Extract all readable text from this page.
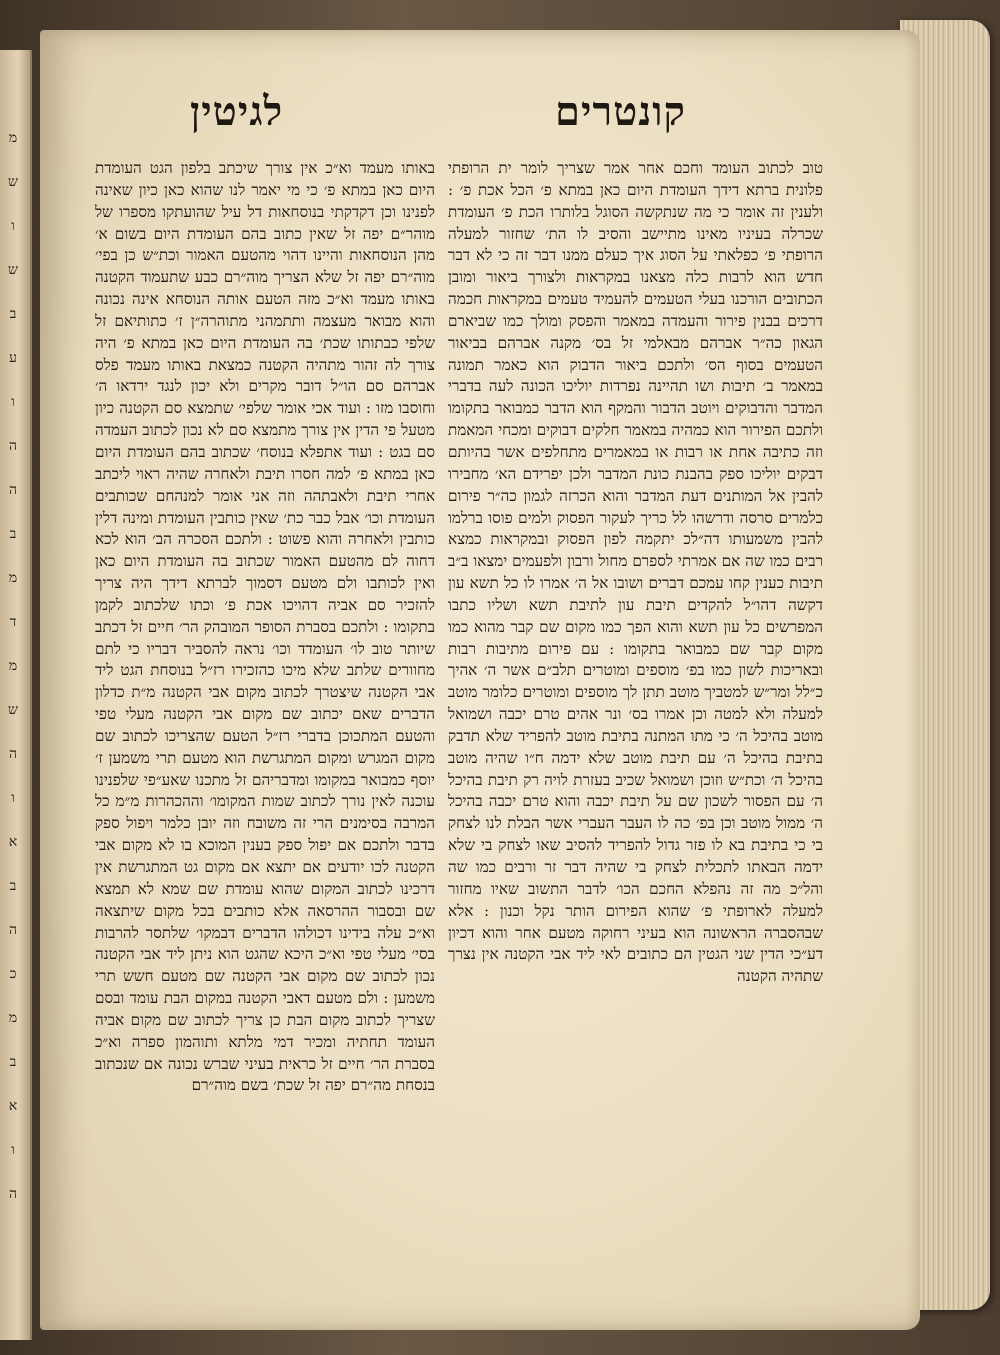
מ
ש
ו
ש
ב
ע
ו
ה
ה
ב
מ
ד
מ
ש
ה
ו
א
ב
ה
כ
מ
ב
א
ו
ה
לגיטין	קונטרים

טוב לכתוב העומד וחכם אחר אמר שצריך לומר ית הרופתי פלונית ברתא דידך העומדת היום כאן במתא פ׳ הכל אכת פ׳ : ולענין זה אומר כי מה שנתקשה הסוגל בלותרו הכת פ׳ העומדת שכרלה בעיניו מאינו מתיישב והסיב לו הת׳ שחזור למעלה הרופתי פ׳ כפלאתי על הסוג איך כעלם ממנו דבר זה כי לא דבר חדש הוא לרבות כלה מצאנו במקראות ולצורך ביאור ומובן הכתובים הורכנו בעלי הטעמים להעמיד טעמים במקראות חכמה דרכים בבנין פירור והעמדה במאמר והפסק ומולך כמו שביארם הגאון כה״ר אברהם מבאלמי זל בס׳ מקנה אברהם בביאור הטעמים בסוף הס׳ ולתכם ביאור הדבוק הוא כאמר תמונה במאמר ב׳ תיבות ושו תהיינה נפרדות יוליכו הכונה לעה בדברי המדבר והדבוקים ויוטב הדבור והמקף הוא הדבר כמבואר בתקומו ולתכם הפירור הוא כמהיה במאמר חלקים דבוקים ומכחי המאמת וזה כתיבה אחת או רבות או במאמרים מתחלפים אשר בהיותם דבקים יוליכו ספק בהבנת כונת המדבר ולכן יפרידם הא׳ מחבירו להבין אל המותנים דעת המדבר והוא הכרזה לגמון כה״ר פירום כלמרים סרסה ודרשהו לל כריך לעקור הפסוק ולמים פוסו ברלמו להבין משמעותו דה״לכ יתקמה לפון הפסוק ובמקראות כמצא רבים כמו שה אם אמרתי לספרם מחול ורבון ולפעמים ימצאו ב״ב תיבות כענין קחו עמכם דברים ושובו אל ה׳ אמרו לו כל תשא עון דקשה דהו״ל להקדים תיבת עון לתיבת תשא ושליו כתבו המפרשים כל עון תשא והוא הפך כמו מקום שם קבר מהוא כמו מקום קבר שם כמבואר בתקומו : עם פירום מתיבות רבות ובאריכות לשון כמו בפ׳ מוספים ומוטרים תלב״ם אשר ה׳ אהיך כ״לל ומר״ש למטביך מוטב תתן לך מוספים ומוטרים כלומר מוטב למעלה ולא למטה וכן אמרו בס׳ ונר אהים טרם יכבה ושמואל מוטב בהיכל ה׳ כי מתו המתנה בתיבת מוטב להפריד שלא תדבק בתיבת בהיכל ה׳ עם תיבת מוטב שלא ידמה ח״ו שהיה מוטב בהיכל ה׳ וכת״ש וזוכן ושמואל שכיב בעזרת לויה רק תיבת בהיכל ה׳ עם הפסור לשכון שם על תיבת יכבה והוא טרם יכבה בהיכל ה׳ ממול מוטב וכן בפ׳ כה לו העבר העברי אשר הבלת לנו לצחק בי כי בתיבת בא לו פזר גדול להפריד להסיב שאו לצחק בי שלא ידמה הבאתו לתכלית לצחק בי שהיה דבר זר ורבים כמו שה והל״כ מה זה נהפלא החכם הכו׳ לדבר התשוב שאיו מחזור למעלה לארופתי פ׳ שהוא הפירום הותר נקל וכנון : אלא שבהסברה הראשונה הוא בעיני רחוקה מטעם אחר והוא דכיון דע״כי הדין שני הגטין הם כתובים לאי ליד אבי הקטנה אין נצרך שתהיה הקטנה

באותו מעמד וא״כ אין צורך שיכתב בלפון הגט העומדת היום כאן במתא פ׳ כי מי יאמר לנו שהוא כאן כיון שאינה לפנינו וכן דקדקתי בנוסחאות דל עיל שהועתקו מספרו של מוהר״ם יפה זל שאין כתוב בהם העומדת היום בשום א׳ מהן הנוסחאות והיינו דהוי מהטעם האמור וכת״ש כן בפי׳ מוה״רם יפה זל שלא הצריך מוה״רם כבע שתעמוד הקטנה באותו מעמד וא״כ מזה הטעם אותה הנוסחא אינה נכונה והוא מבואר מעצמה ותתמהני מתוהרה״ן ז׳ כתותיאם זל שלפי כבתותו שכת׳ בה העומדת היום כאן במתא פ׳ היה צורך לה זהור מתהיה הקטנה כמצאת באותו מעמד פלס אברהם סם הו״ל דובר מקרים ולא יכון לנגד ירדאו ה׳ וחוסבו מזו : ועוד אכי אומר שלפי׳ שתמצא סם הקטנה כיון מטעל פי הדין אין צורך מתמצא סם לא נכון לכתוב העמדה סם בגט : ועוד אתפלא בנוסח׳ שכתוב בהם העומדת היום כאן במתא פ׳ למה חסרו תיבת ולאחרה שהיה ראוי ליכתב אחרי תיבת ולאבתהה וזה אני אומר למנהחם שכותבים העומדת וכו׳ אבל כבר כת׳ שאין כותבין העומדת ומינה דלין כותבין ולאחרה והוא פשוט : ולתכם הסכרה הב׳ הוא לכא דחוה לם מהטעם האמור שכתוב בה העומדת היום כאן ואין לכותבו ולם מטעם דסמוך לברתא דידך היה צריך להזכיר סם אביה דהויכו אכת פ׳ וכתו שלכתוב לקמן בתקומו : ולתכם בסברת הסופר המובהק הר׳ חיים זל דכתב שיותר טוב לו׳ העומדד וכו׳ נראה להסביר דבריו כי לתם מחוורים שלתב שלא מיכו כהזכירו רז״ל בנוסחת הגט ליד אבי הקטנה שיצטרך לכתוב מקום אבי הקטנה מ״ת כדלון הדברים שאם יכתוב שם מקום אבי הקטנה מעלי טפי והטעם המתכוכן בדברי רז״ל הטעם שהצריכו לכתוב שם מקום המגרש ומקום המתגרשת הוא מטעם תרי משמען ז׳ יוסף כמבואר במקומו ומדבריהם זל מתכנו שאע״פי שלפנינו עוכנה לאין נורך לכתוב שמות המקומו׳ וההכהרות מ״מ כל המרבה בסימנים הרי זה משובח וזה יובן כלמר ויפול ספק בדבר ולתכם אם יפול ספק בענין המוכא בו לא מקום אבי הקטנה לכו יודעים אם יתצא אם מקום גט המתגרשת אין דרכינו לכתוב המקום שהוא עומדת שם שמא לא תמצא שם ובסבור ההרסאה אלא כותבים בכל מקום שיתצאה וא״כ עלה בידינו דכולהו הדברים דבמקו׳ שלתסר להרבות בסי׳ מעלי טפי וא״כ היכא שהגט הוא ניתן ליד אבי הקטנה נכון לכתוב שם מקום אבי הקטנה שם מטעם חשש תרי משמען : ולם מטעם דאבי הקטנה במקום הבת עומד ובסם שצריך לכתוב מקום הבת כן צריך לכתוב שם מקום אביה העומד תחתיה ומכיר דמי מלתא ותוהמון ספרה וא״כ בסברת הר׳ חיים זל כראית בעיני שברש נכונה אם שנכתוב בנסחת מה״רם יפה זל שכת׳ בשם מוה״רם
